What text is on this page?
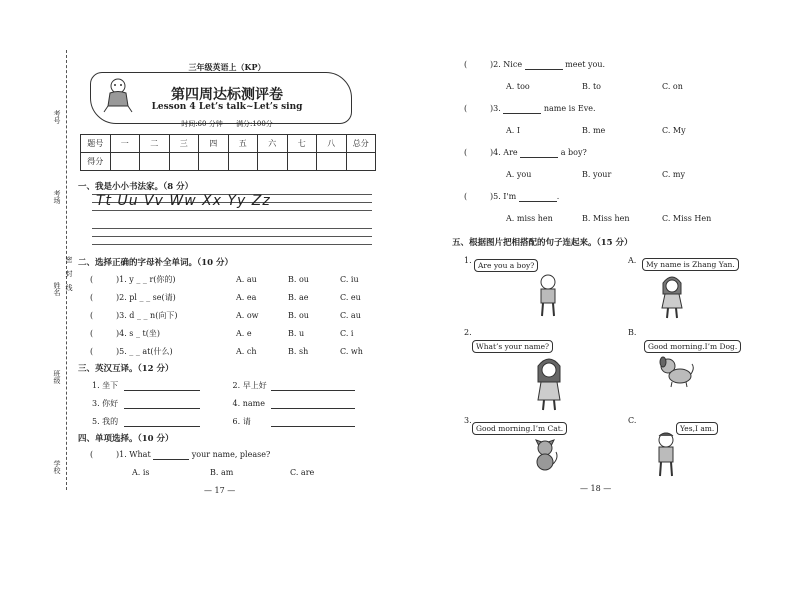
考号
考场
姓名
密
封
线
班级
学校
三年级英语上（KP）
第四周达标测评卷
Lesson 4 Let’s talk~Let’s sing
时间:60 分钟 满分:100分
题号	一	二	三	四	五	六	七	八	总分
得分									
一、我是小小书法家。（8 分）
Tt Uu Vv Ww Xx Yy Zz
二、选择正确的字母补全单词。（10 分）
(	)1. y _ _ r(你的)	A. au	B. ou	C. iu
(	)2. pl _ _ se(请)	A. ea	B. ae	C. eu
(	)3. d _ _ n(向下)	A. ow	B. ou	C. au
(	)4. s _ t(坐)	A. e	B. u	C. i
(	)5. _ _ at(什么)	A. ch	B. sh	C. wh
三、英汉互译。（12 分）
1. 坐下	2. 早上好
3. 你好	4. name
5. 我的	6. 请
四、单项选择。（10 分）
(	)1. What	your name, please?
A. is	B. am	C. are
— 17 —
(	)2. Nice	meet you.
A. too	B. to	C. on
(	)3.	name is Eve.
A. I	B. me	C. My
(	)4. Are	a boy?
A. you	B. your	C. my
(	)5. I'm	.
A. miss hen	B. Miss hen	C. Miss Hen
五、根据图片把相搭配的句子连起来。（15 分）
1.
Are you a boy?
2.
What’s your name?
3.
Good morning.I’m Cat.
A.	My name is Zhang Yan.
B.
Good morning.I’m Dog.
C.
Yes,I am.
— 18 —
